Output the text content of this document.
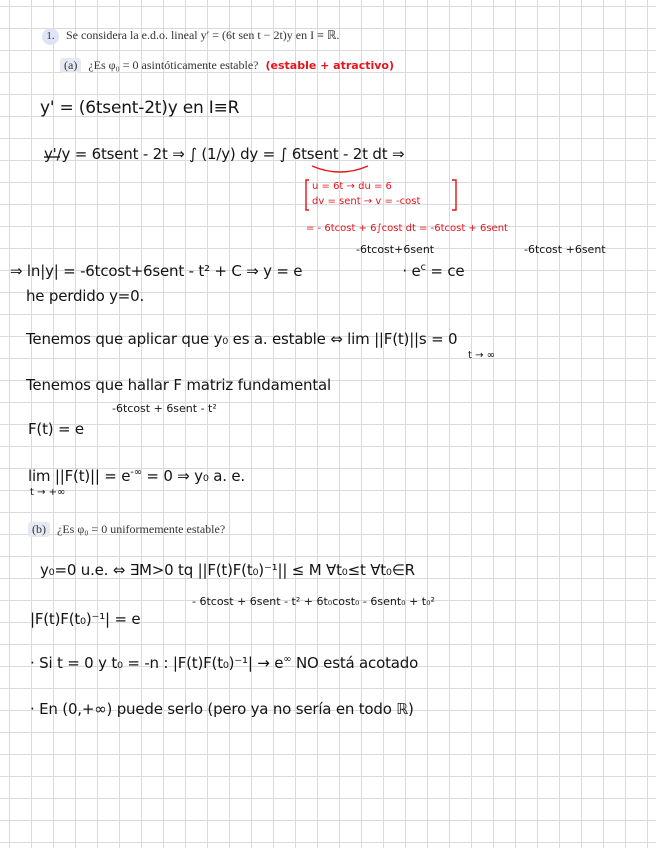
1. Se considera la e.d.o. lineal y′ = (6t sen t − 2t)y en I ≡ ℝ.
(a) ¿Es φ₀ = 0 asintóticamente estable? (estable + atractivo)
y' = (6tsent-2t)y en I≡R
y'/y = 6tsent - 2t ⇒ ∫ (1/y) dy = ∫ 6tsent - 2t dt ⇒
u = 6t → du = 6
dv = sent → v = -cost
= - 6tcost + 6∫cost dt = -6tcost + 6sent
-6tcost+6sent	-6tcost +6sent
⇒ ln|y| = -6tcost+6sent - t² + C ⇒ y = e	· $e^c$ = ce
he perdido y=0.
Tenemos que aplicar que y₀ es a. estable ⇔ lim ||F(t)||s = 0
t → ∞
Tenemos que hallar F matriz fundamental
-6tcost + 6sent - t²
F(t) = e
lim ||F(t)|| = e-∞ = 0 ⇒ y₀ a. e.
t → +∞
(b) ¿Es φ₀ = 0 uniformemente estable?
y₀=0 u.e. ⇔ ∃M>0 tq ||F(t)F(t₀)⁻¹|| ≤ M ∀t₀≤t ∀t₀∈R
- 6tcost + 6sent - t² + 6t₀cost₀ - 6sent₀ + t₀²
|F(t)F(t₀)⁻¹| = e
· Si t = 0 y t₀ = -n : |F(t)F(t₀)⁻¹| → e∞ NO está acotado
· En (0,+∞) puede serlo (pero ya no sería en todo ℝ)
